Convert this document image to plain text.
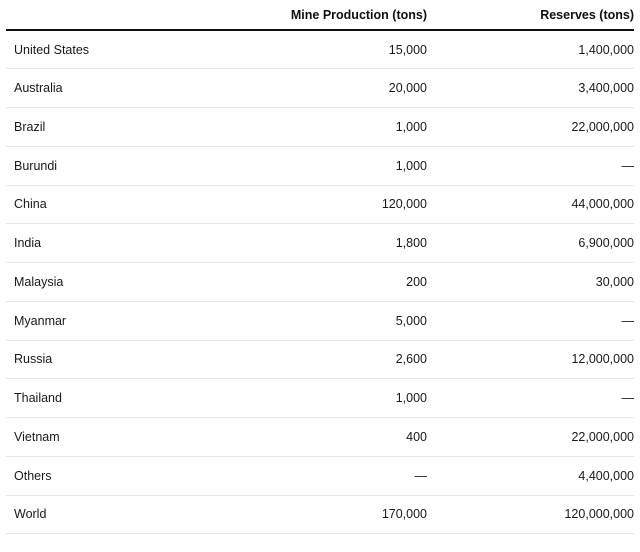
	Mine Production (tons)	Reserves (tons)
United States	15,000	1,400,000
Australia	20,000	3,400,000
Brazil	1,000	22,000,000
Burundi	1,000	—
China	120,000	44,000,000
India	1,800	6,900,000
Malaysia	200	30,000
Myanmar	5,000	—
Russia	2,600	12,000,000
Thailand	1,000	—
Vietnam	400	22,000,000
Others	—	4,400,000
World	170,000	120,000,000
